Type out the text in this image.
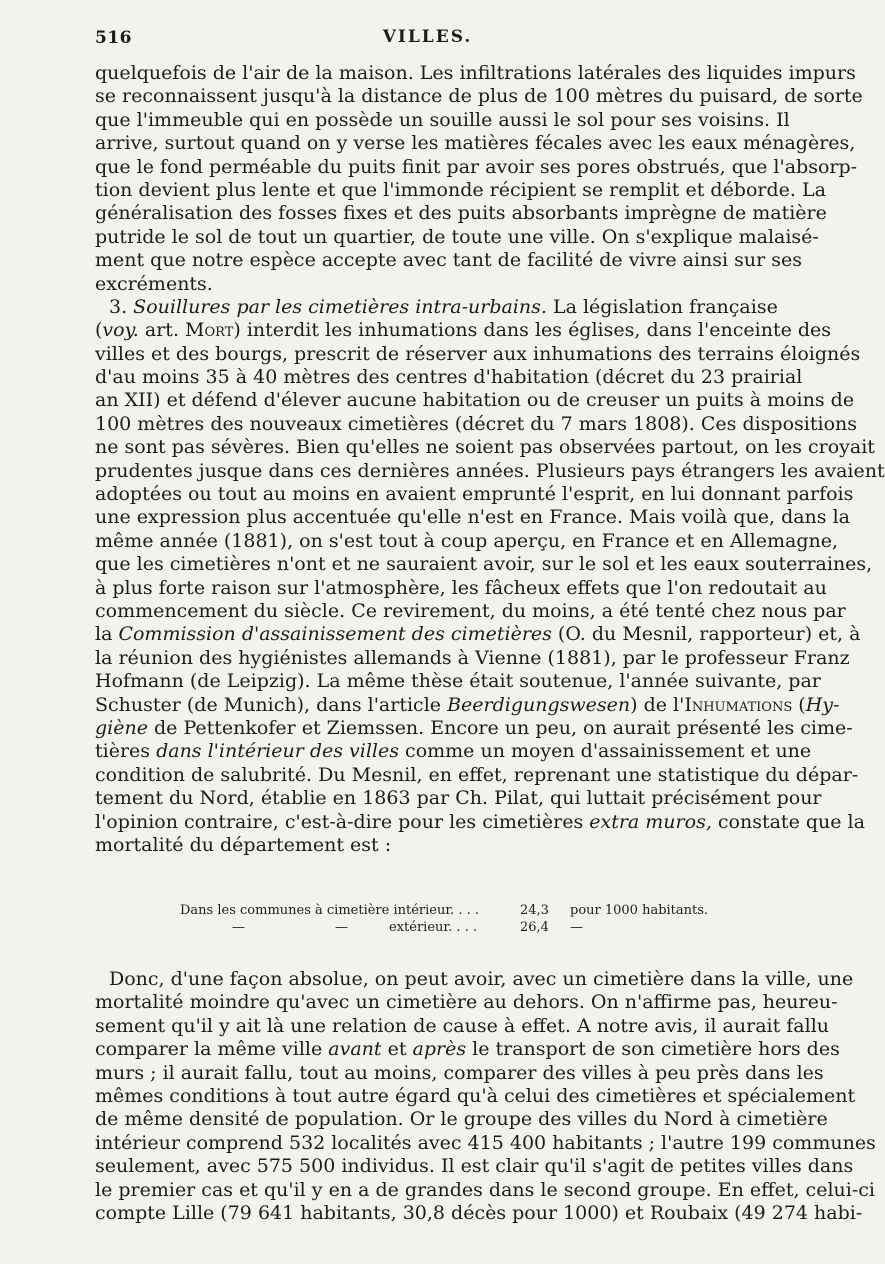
516	VILLES.
quelquefois de l'air de la maison. Les infiltrations latérales des liquides impurs
se reconnaissent jusqu'à la distance de plus de 100 mètres du puisard, de sorte
que l'immeuble qui en possède un souille aussi le sol pour ses voisins. Il
arrive, surtout quand on y verse les matières fécales avec les eaux ménagères,
que le fond perméable du puits finit par avoir ses pores obstrués, que l'absorp-
tion devient plus lente et que l'immonde récipient se remplit et déborde. La
généralisation des fosses fixes et des puits absorbants imprègne de matière
putride le sol de tout un quartier, de toute une ville. On s'explique malaisé-
ment que notre espèce accepte avec tant de facilité de vivre ainsi sur ses
excréments.
3. Souillures par les cimetières intra-urbains. La législation française
(voy. art. Mort) interdit les inhumations dans les églises, dans l'enceinte des
villes et des bourgs, prescrit de réserver aux inhumations des terrains éloignés
d'au moins 35 à 40 mètres des centres d'habitation (décret du 23 prairial
an XII) et défend d'élever aucune habitation ou de creuser un puits à moins de
100 mètres des nouveaux cimetières (décret du 7 mars 1808). Ces dispositions
ne sont pas sévères. Bien qu'elles ne soient pas observées partout, on les croyait
prudentes jusque dans ces dernières années. Plusieurs pays étrangers les avaient
adoptées ou tout au moins en avaient emprunté l'esprit, en lui donnant parfois
une expression plus accentuée qu'elle n'est en France. Mais voilà que, dans la
même année (1881), on s'est tout à coup aperçu, en France et en Allemagne,
que les cimetières n'ont et ne sauraient avoir, sur le sol et les eaux souterraines,
à plus forte raison sur l'atmosphère, les fâcheux effets que l'on redoutait au
commencement du siècle. Ce revirement, du moins, a été tenté chez nous par
la Commission d'assainissement des cimetières (O. du Mesnil, rapporteur) et, à
la réunion des hygiénistes allemands à Vienne (1881), par le professeur Franz
Hofmann (de Leipzig). La même thèse était soutenue, l'année suivante, par
Schuster (de Munich), dans l'article Beerdigungswesen) de l'Inhumations (Hy-
giène de Pettenkofer et Ziemssen. Encore un peu, on aurait présenté les cime-
tières dans l'intérieur des villes comme un moyen d'assainissement et une
condition de salubrité. Du Mesnil, en effet, reprenant une statistique du dépar-
tement du Nord, établie en 1863 par Ch. Pilat, qui luttait précisément pour
l'opinion contraire, c'est-à-dire pour les cimetières extra muros, constate que la
mortalité du département est :
Dans les communes à cimetière intérieur. . . .	24,3 pour 1000 habitants.
—	—	extérieur. . . .	26,4 —
Donc, d'une façon absolue, on peut avoir, avec un cimetière dans la ville, une
mortalité moindre qu'avec un cimetière au dehors. On n'affirme pas, heureu-
sement qu'il y ait là une relation de cause à effet. A notre avis, il aurait fallu
comparer la même ville avant et après le transport de son cimetière hors des
murs ; il aurait fallu, tout au moins, comparer des villes à peu près dans les
mêmes conditions à tout autre égard qu'à celui des cimetières et spécialement
de même densité de population. Or le groupe des villes du Nord à cimetière
intérieur comprend 532 localités avec 415 400 habitants ; l'autre 199 communes
seulement, avec 575 500 individus. Il est clair qu'il s'agit de petites villes dans
le premier cas et qu'il y en a de grandes dans le second groupe. En effet, celui-ci
compte Lille (79 641 habitants, 30,8 décès pour 1000) et Roubaix (49 274 habi-
